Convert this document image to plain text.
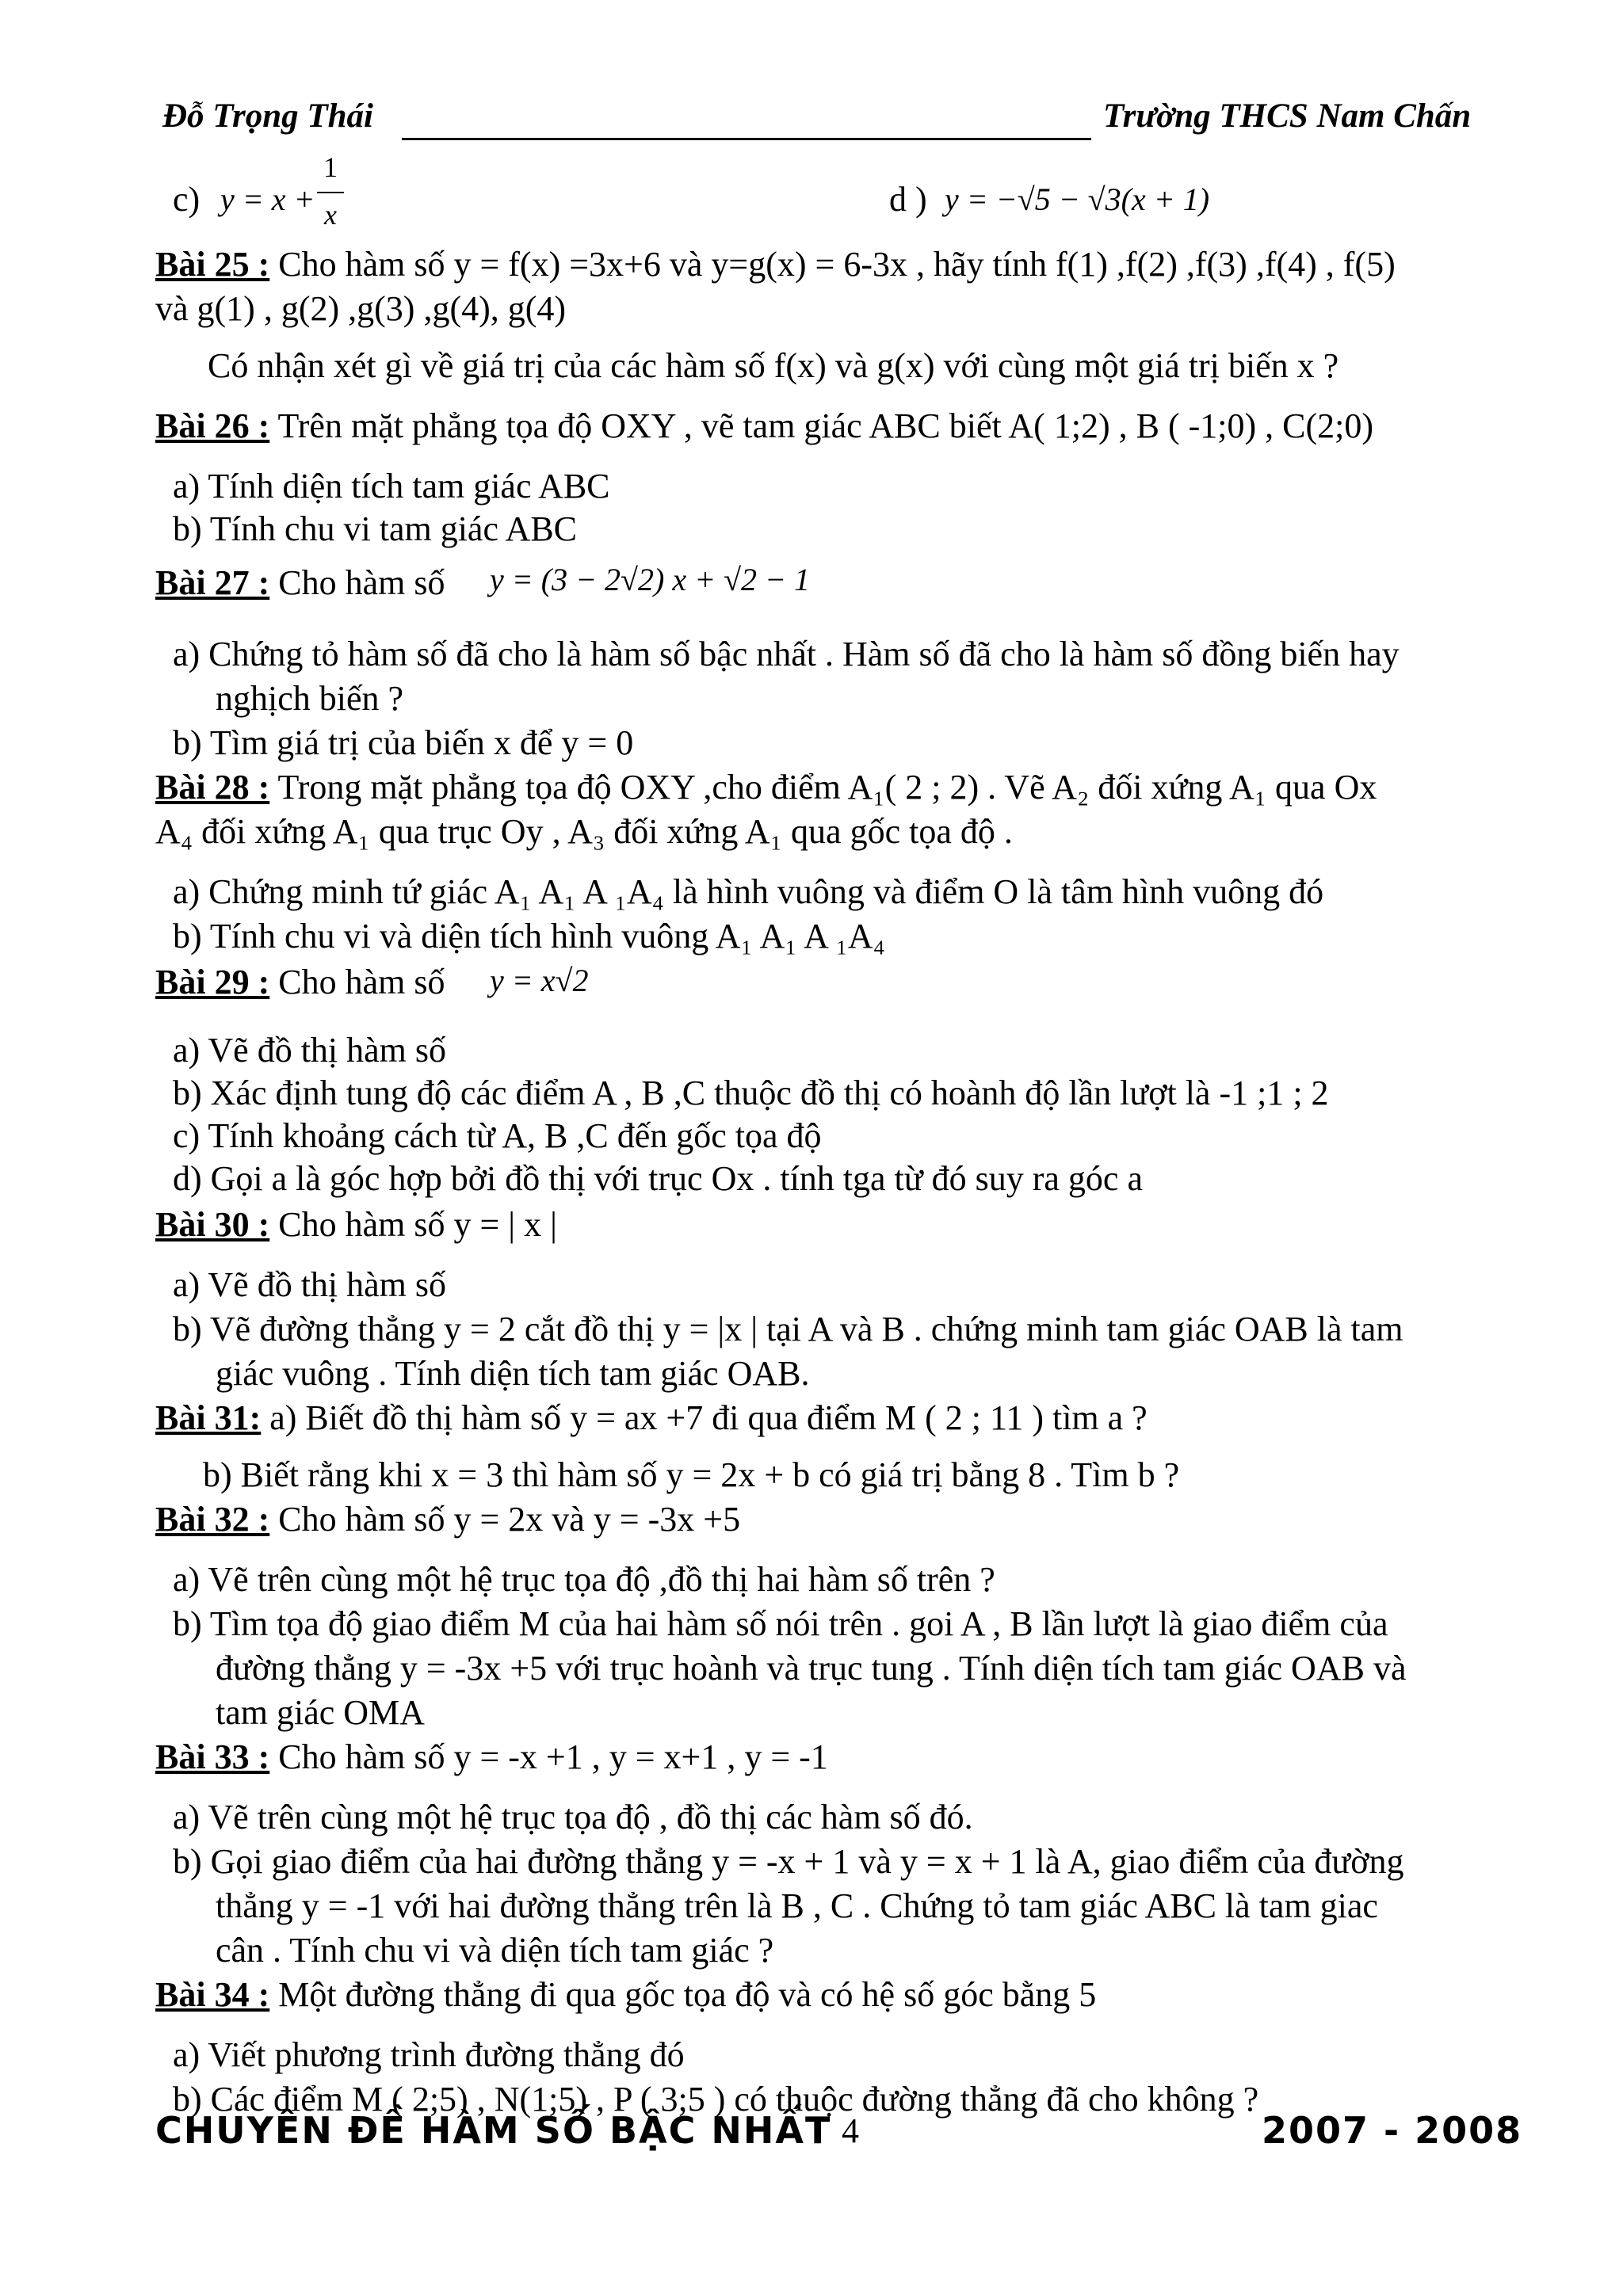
Đỗ Trọng Thái	Trường THCS Nam Chấn
c) y = x +
1
x	d ) y = −√5 − √3(x + 1)
Bài 25 : Cho hàm số y = f(x) =3x+6 và y=g(x) = 6-3x , hãy tính f(1) ,f(2) ,f(3) ,f(4) , f(5)
và g(1) , g(2) ,g(3) ,g(4), g(4)
Có nhận xét gì về giá trị của các hàm số f(x) và g(x) với cùng một giá trị biến x ?
Bài 26 : Trên mặt phẳng tọa độ OXY , vẽ tam giác ABC biết A( 1;2) , B ( -1;0) , C(2;0)
a) Tính diện tích tam giác ABC
b) Tính chu vi tam giác ABC
Bài 27 : Cho hàm số y = (3 − 2√2) x + √2 − 1
a) Chứng tỏ hàm số đã cho là hàm số bậc nhất . Hàm số đã cho là hàm số đồng biến hay
nghịch biến ?
b) Tìm giá trị của biến x để y = 0
Bài 28 : Trong mặt phẳng tọa độ OXY ,cho điểm A₁( 2 ; 2) . Vẽ A₂ đối xứng A₁ qua Ox
A₄ đối xứng A₁ qua trục Oy , A₃ đối xứng A₁ qua gốc tọa độ .
a) Chứng minh tứ giác A₁ A₁ A ₁A₄ là hình vuông và điểm O là tâm hình vuông đó
b) Tính chu vi và diện tích hình vuông A₁ A₁ A ₁A₄
Bài 29 : Cho hàm số y = x√2
a) Vẽ đồ thị hàm số
b) Xác định tung độ các điểm A , B ,C thuộc đồ thị có hoành độ lần lượt là -1 ;1 ; 2
c) Tính khoảng cách từ A, B ,C đến gốc tọa độ
d) Gọi a là góc hợp bởi đồ thị với trục Ox . tính tga từ đó suy ra góc a
Bài 30 : Cho hàm số y = | x |
a) Vẽ đồ thị hàm số
b) Vẽ đường thẳng y = 2 cắt đồ thị y = |x | tại A và B . chứng minh tam giác OAB là tam
giác vuông . Tính diện tích tam giác OAB.
Bài 31: a) Biết đồ thị hàm số y = ax +7 đi qua điểm M ( 2 ; 11 ) tìm a ?
b) Biết rằng khi x = 3 thì hàm số y = 2x + b có giá trị bằng 8 . Tìm b ?
Bài 32 : Cho hàm số y = 2x và y = -3x +5
a) Vẽ trên cùng một hệ trục tọa độ ,đồ thị hai hàm số trên ?
b) Tìm tọa độ giao điểm M của hai hàm số nói trên . goi A , B lần lượt là giao điểm của
đường thẳng y = -3x +5 với trục hoành và trục tung . Tính diện tích tam giác OAB và
tam giác OMA
Bài 33 : Cho hàm số y = -x +1 , y = x+1 , y = -1
a) Vẽ trên cùng một hệ trục tọa độ , đồ thị các hàm số đó.
b) Gọi giao điểm của hai đường thẳng y = -x + 1 và y = x + 1 là A, giao điểm của đường
thẳng y = -1 với hai đường thẳng trên là B , C . Chứng tỏ tam giác ABC là tam giac
cân . Tính chu vi và diện tích tam giác ?
Bài 34 : Một đường thẳng đi qua gốc tọa độ và có hệ số góc bằng 5
a) Viết phương trình đường thẳng đó
b) Các điểm M ( 2;5) , N(1;5) , P ( 3;5 ) có thuộc đường thẳng đã cho không ?
CHUYÊN ĐỀ HÀM SỐ BẬC NHẤT 4	2007 - 2008
